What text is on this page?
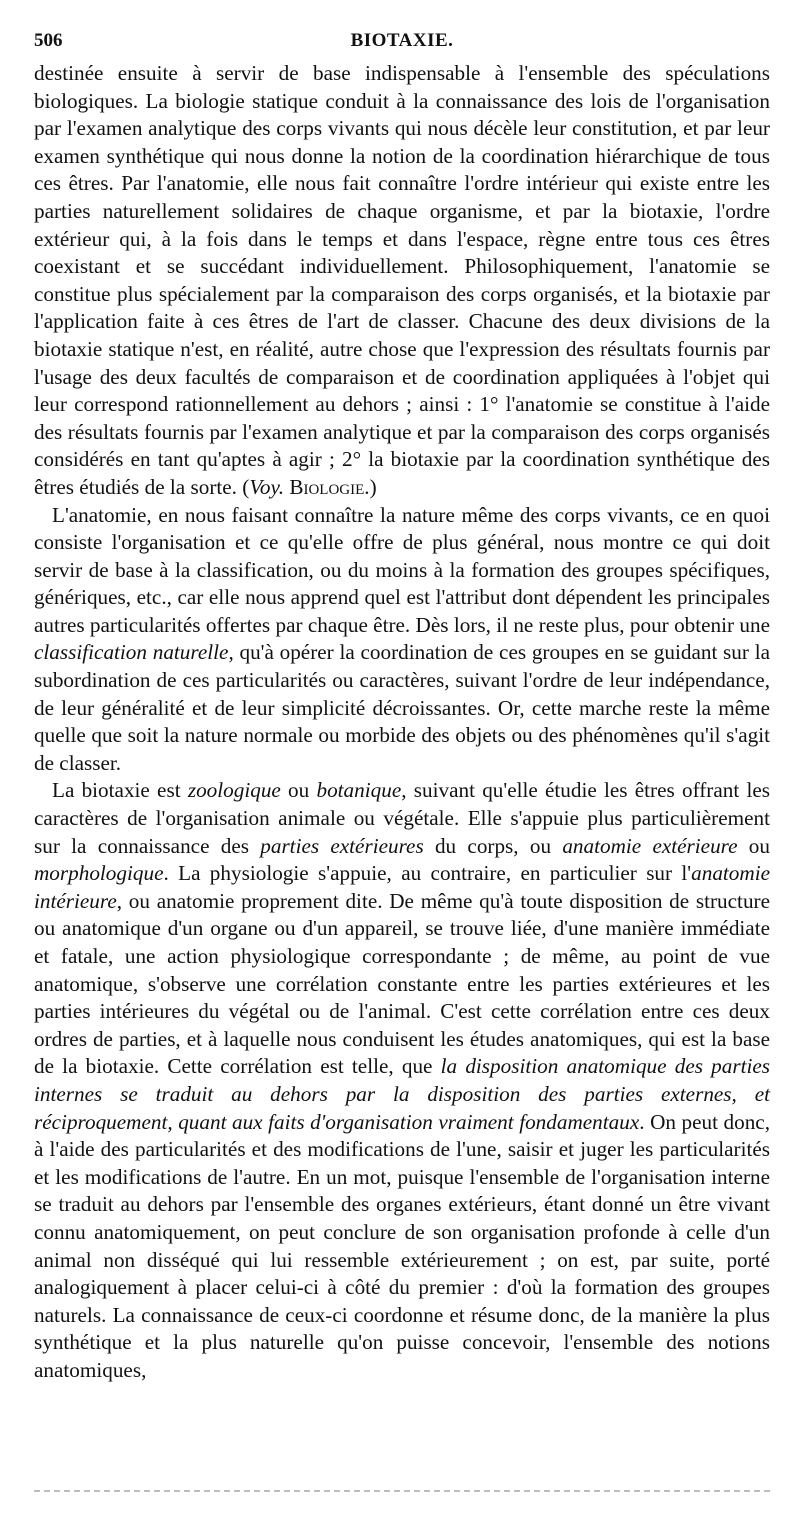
506	BIOTAXIE.

destinée ensuite à servir de base indispensable à l'ensemble des spéculations biologiques. La biologie statique conduit à la connaissance des lois de l'organisation par l'examen analytique des corps vivants qui nous décèle leur constitution, et par leur examen synthétique qui nous donne la notion de la coordination hiérarchique de tous ces êtres. Par l'anatomie, elle nous fait connaître l'ordre intérieur qui existe entre les parties naturellement solidaires de chaque organisme, et par la biotaxie, l'ordre extérieur qui, à la fois dans le temps et dans l'espace, règne entre tous ces êtres coexistant et se succédant individuellement. Philosophiquement, l'anatomie se constitue plus spécialement par la comparaison des corps organisés, et la biotaxie par l'application faite à ces êtres de l'art de classer. Chacune des deux divisions de la biotaxie statique n'est, en réalité, autre chose que l'expression des résultats fournis par l'usage des deux facultés de comparaison et de coordination appliquées à l'objet qui leur correspond rationnellement au dehors ; ainsi : 1° l'anatomie se constitue à l'aide des résultats fournis par l'examen analytique et par la comparaison des corps organisés considérés en tant qu'aptes à agir ; 2° la biotaxie par la coordination synthétique des êtres étudiés de la sorte. (Voy. Biologie.)

L'anatomie, en nous faisant connaître la nature même des corps vivants, ce en quoi consiste l'organisation et ce qu'elle offre de plus général, nous montre ce qui doit servir de base à la classification, ou du moins à la formation des groupes spécifiques, génériques, etc., car elle nous apprend quel est l'attribut dont dépendent les principales autres particularités offertes par chaque être. Dès lors, il ne reste plus, pour obtenir une classification naturelle, qu'à opérer la coordination de ces groupes en se guidant sur la subordination de ces particularités ou caractères, suivant l'ordre de leur indépendance, de leur généralité et de leur simplicité décroissantes. Or, cette marche reste la même quelle que soit la nature normale ou morbide des objets ou des phénomènes qu'il s'agit de classer.

La biotaxie est zoologique ou botanique, suivant qu'elle étudie les êtres offrant les caractères de l'organisation animale ou végétale. Elle s'appuie plus particulièrement sur la connaissance des parties extérieures du corps, ou anatomie extérieure ou morphologique. La physiologie s'appuie, au contraire, en particulier sur l'anatomie intérieure, ou anatomie proprement dite. De même qu'à toute disposition de structure ou anatomique d'un organe ou d'un appareil, se trouve liée, d'une manière immédiate et fatale, une action physiologique correspondante ; de même, au point de vue anatomique, s'observe une corrélation constante entre les parties extérieures et les parties intérieures du végétal ou de l'animal. C'est cette corrélation entre ces deux ordres de parties, et à laquelle nous conduisent les études anatomiques, qui est la base de la biotaxie. Cette corrélation est telle, que la disposition anatomique des parties internes se traduit au dehors par la disposition des parties externes, et réciproquement, quant aux faits d'organisation vraiment fondamentaux. On peut donc, à l'aide des particularités et des modifications de l'une, saisir et juger les particularités et les modifications de l'autre. En un mot, puisque l'ensemble de l'organisation interne se traduit au dehors par l'ensemble des organes extérieurs, étant donné un être vivant connu anatomiquement, on peut conclure de son organisation profonde à celle d'un animal non disséqué qui lui ressemble extérieurement ; on est, par suite, porté analogiquement à placer celui-ci à côté du premier : d'où la formation des groupes naturels. La connaissance de ceux-ci coordonne et résume donc, de la manière la plus synthétique et la plus naturelle qu'on puisse concevoir, l'ensemble des notions anatomiques,
